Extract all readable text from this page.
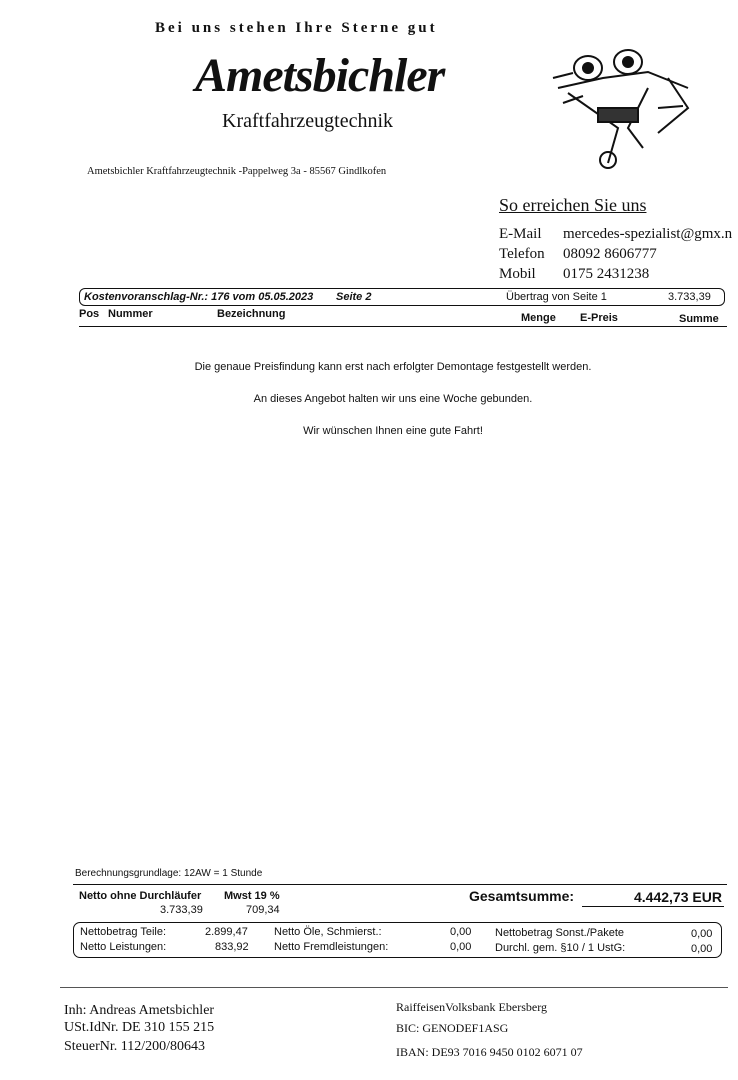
Bei uns stehen Ihre Sterne gut
Ametsbichler
Kraftfahrzeugtechnik
Ametsbichler Kraftfahrzeugtechnik -Pappelweg 3a - 85567 Gindlkofen
So erreichen Sie uns
E-Mail mercedes-spezialist@gmx.n
Telefon 08092 8606777
Mobil 0175 2431238
Kostenvoranschlag-Nr.: 176 vom 05.05.2023 Seite 2	Übertrag von Seite 1	3.733,39
Pos Nummer	Bezeichnung	Menge E-Preis	Summe
Die genaue Preisfindung kann erst nach erfolgter Demontage festgestellt werden.
An dieses Angebot halten wir uns eine Woche gebunden.
Wir wünschen Ihnen eine gute Fahrt!
Berechnungsgrundlage: 12AW = 1 Stunde
Netto ohne Durchläufer
3.733,39
Mwst 19 %
709,34
Gesamtsumme:	4.442,73 EUR
Nettobetrag Teile:	2.899,47
Netto Leistungen:	833,92
Netto Öle, Schmierst.:	0,00
Netto Fremdleistungen:	0,00
Nettobetrag Sonst./Pakete	0,00
Durchl. gem. §10 / 1 UstG:	0,00
Inh: Andreas Ametsbichler
USt.IdNr. DE 310 155 215
SteuerNr. 112/200/80643
RaiffeisenVolksbank Ebersberg
BIC: GENODEF1ASG
IBAN: DE93 7016 9450 0102 6071 07
